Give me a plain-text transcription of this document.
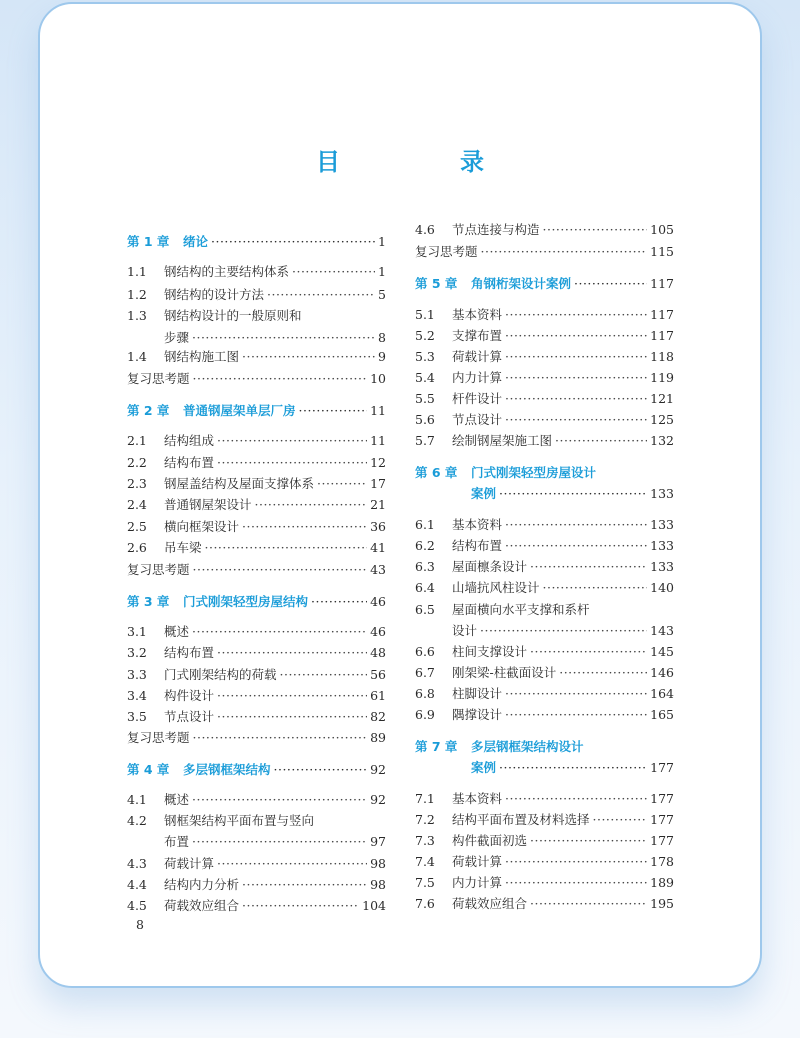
目　录
第 1 章	绪论 ·····	1
1.1	钢结构的主要结构体系 ·····	1
1.2	钢结构的设计方法 ·····	5
1.3	钢结构设计的一般原则和
步骤 ·····	8
1.4	钢结构施工图 ·····	9
复习思考题 ·····	10
第 2 章	普通钢屋架单层厂房 ·····	11
2.1	结构组成 ·····	11
2.2	结构布置 ·····	12
2.3	钢屋盖结构及屋面支撑体系 ·····	17
2.4	普通钢屋架设计 ·····	21
2.5	横向框架设计 ·····	36
2.6	吊车梁 ·····	41
复习思考题 ·····	43
第 3 章	门式刚架轻型房屋结构 ·····	46
3.1	概述 ·····	46
3.2	结构布置 ·····	48
3.3	门式刚架结构的荷载 ·····	56
3.4	构件设计 ·····	61
3.5	节点设计 ·····	82
复习思考题 ·····	89
第 4 章	多层钢框架结构 ·····	92
4.1	概述 ·····	92
4.2	钢框架结构平面布置与竖向
布置 ·····	97
4.3	荷载计算 ·····	98
4.4	结构内力分析 ·····	98
4.5	荷载效应组合 ·····	104
4.6	节点连接与构造 ·····	105
复习思考题 ·····	115
第 5 章	角钢桁架设计案例 ·····	117
5.1	基本资料 ·····	117
5.2	支撑布置 ·····	117
5.3	荷载计算 ·····	118
5.4	内力计算 ·····	119
5.5	杆件设计 ·····	121
5.6	节点设计 ·····	125
5.7	绘制钢屋架施工图 ·····	132
第 6 章	门式刚架轻型房屋设计
案例 ·····	133
6.1	基本资料 ·····	133
6.2	结构布置 ·····	133
6.3	屋面檩条设计 ·····	133
6.4	山墙抗风柱设计 ·····	140
6.5	屋面横向水平支撑和系杆
设计 ·····	143
6.6	柱间支撑设计 ·····	145
6.7	刚架梁-柱截面设计 ·····	146
6.8	柱脚设计 ·····	164
6.9	隅撑设计 ·····	165
第 7 章	多层钢框架结构设计
案例 ·····	177
7.1	基本资料 ·····	177
7.2	结构平面布置及材料选择 ·····	177
7.3	构件截面初选 ·····	177
7.4	荷载计算 ·····	178
7.5	内力计算 ·····	189
7.6	荷载效应组合 ·····	195
8
